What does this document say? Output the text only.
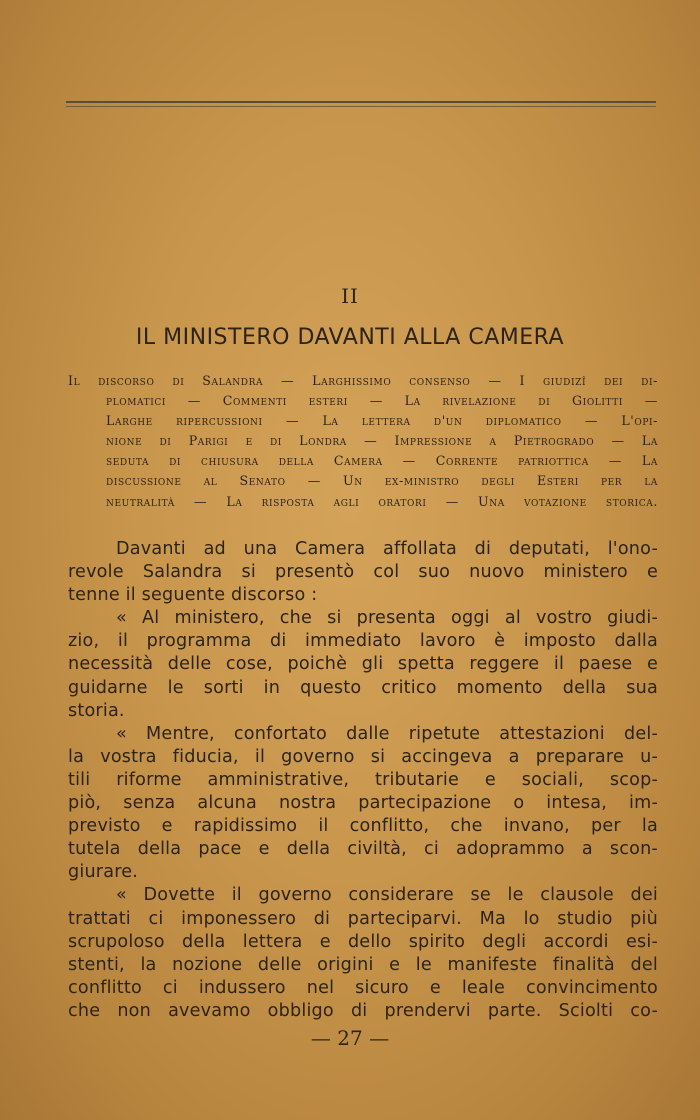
II
IL MINISTERO DAVANTI ALLA CAMERA
Il discorso di Salandra — Larghissimo consenso — I giudizî dei di-
plomatici — Commenti esteri — La rivelazione di Giolitti —
Larghe ripercussioni — La lettera d'un diplomatico — L'opi-
nione di Parigi e di Londra — Impressione a Pietrogrado — La
seduta di chiusura della Camera — Corrente patriottica — La
discussione al Senato — Un ex-ministro degli Esteri per la
neutralità — La risposta agli oratori — Una votazione storica.
Davanti ad una Camera affollata di deputati, l'ono-
revole Salandra si presentò col suo nuovo ministero e
tenne il seguente discorso :
« Al ministero, che si presenta oggi al vostro giudi-
zio, il programma di immediato lavoro è imposto dalla
necessità delle cose, poichè gli spetta reggere il paese e
guidarne le sorti in questo critico momento della sua
storia.
« Mentre, confortato dalle ripetute attestazioni del-
la vostra fiducia, il governo si accingeva a preparare u-
tili riforme amministrative, tributarie e sociali, scop-
piò, senza alcuna nostra partecipazione o intesa, im-
previsto e rapidissimo il conflitto, che invano, per la
tutela della pace e della civiltà, ci adoprammo a scon-
giurare.
« Dovette il governo considerare se le clausole dei
trattati ci imponessero di parteciparvi. Ma lo studio più
scrupoloso della lettera e dello spirito degli accordi esi-
stenti, la nozione delle origini e le manifeste finalità del
conflitto ci indussero nel sicuro e leale convincimento
che non avevamo obbligo di prendervi parte. Sciolti co-
— 27 —
